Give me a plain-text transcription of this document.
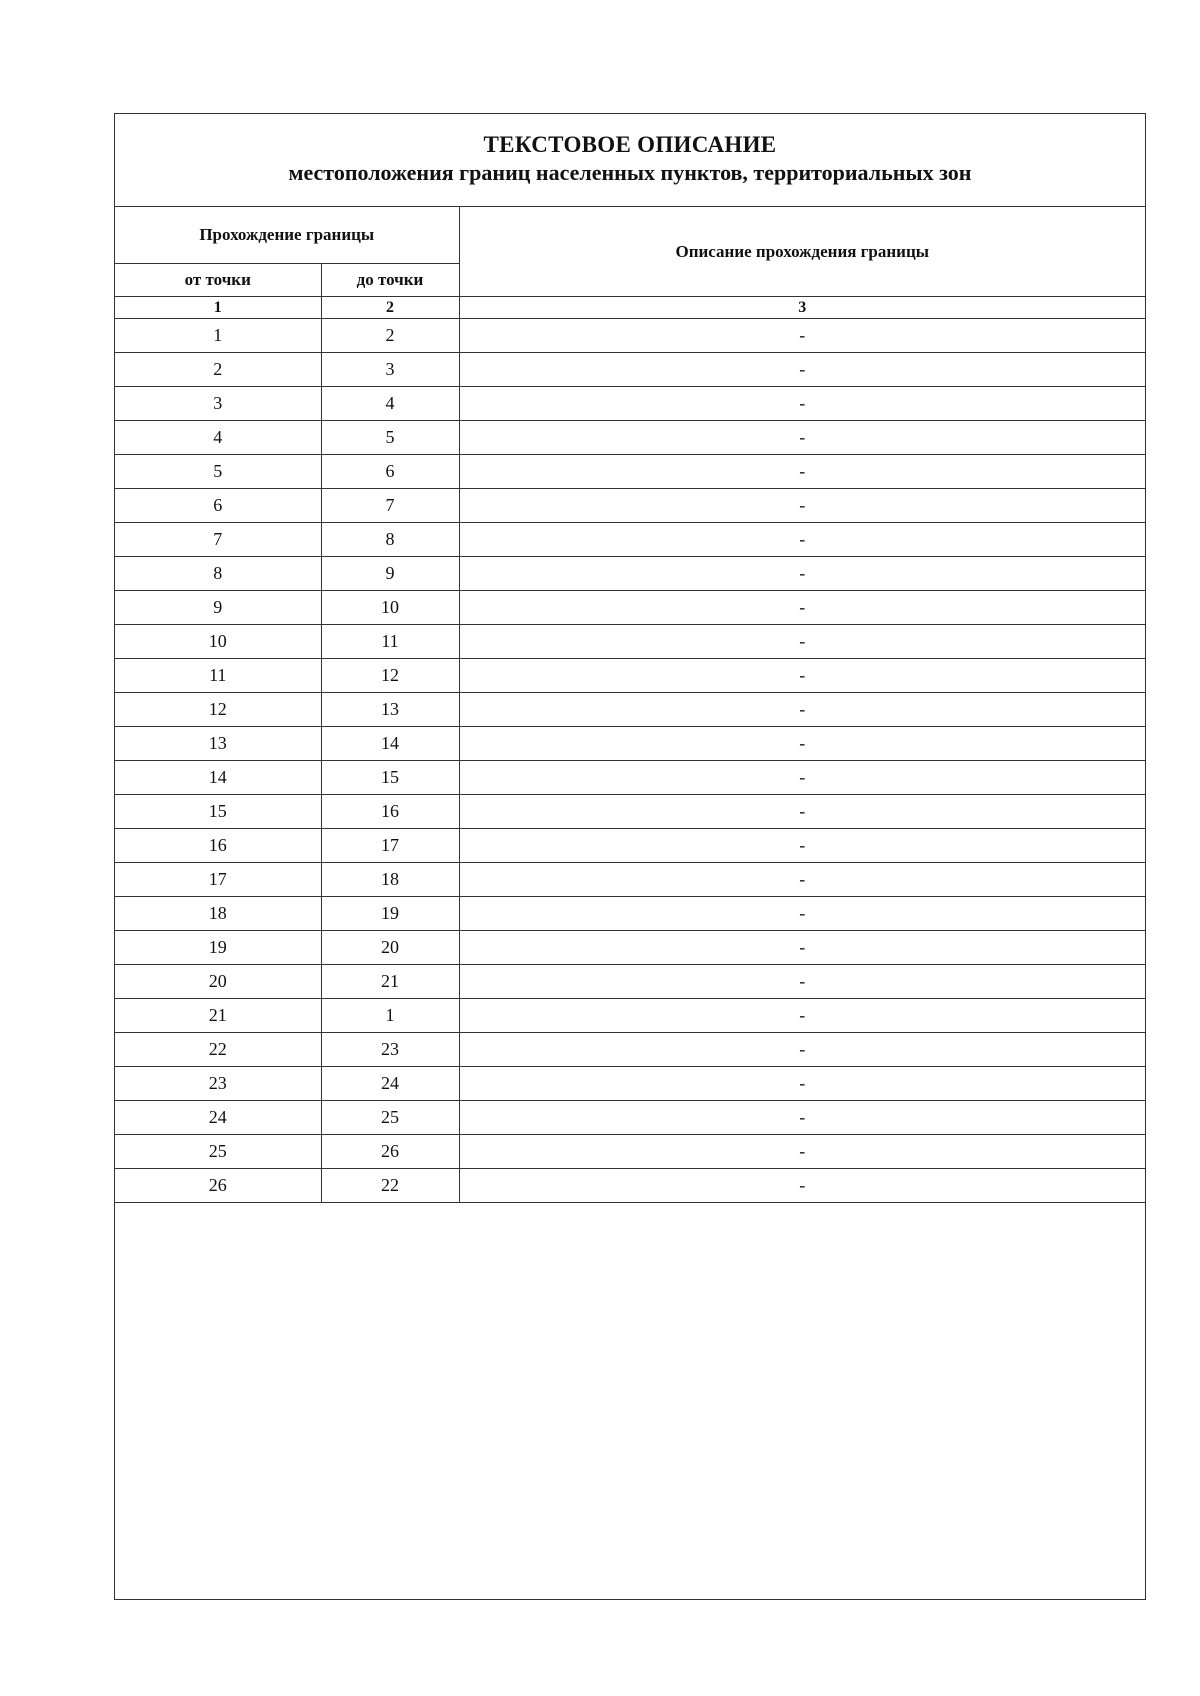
ТЕКСТОВОЕ ОПИСАНИЕ
местоположения границ населенных пунктов, территориальных зон
Прохождение границы		Описание прохождения границы
от точки	до точки	
1	2	3
1	2	-
2	3	-
3	4	-
4	5	-
5	6	-
6	7	-
7	8	-
8	9	-
9	10	-
10	11	-
11	12	-
12	13	-
13	14	-
14	15	-
15	16	-
16	17	-
17	18	-
18	19	-
19	20	-
20	21	-
21	1	-
22	23	-
23	24	-
24	25	-
25	26	-
26	22	-
